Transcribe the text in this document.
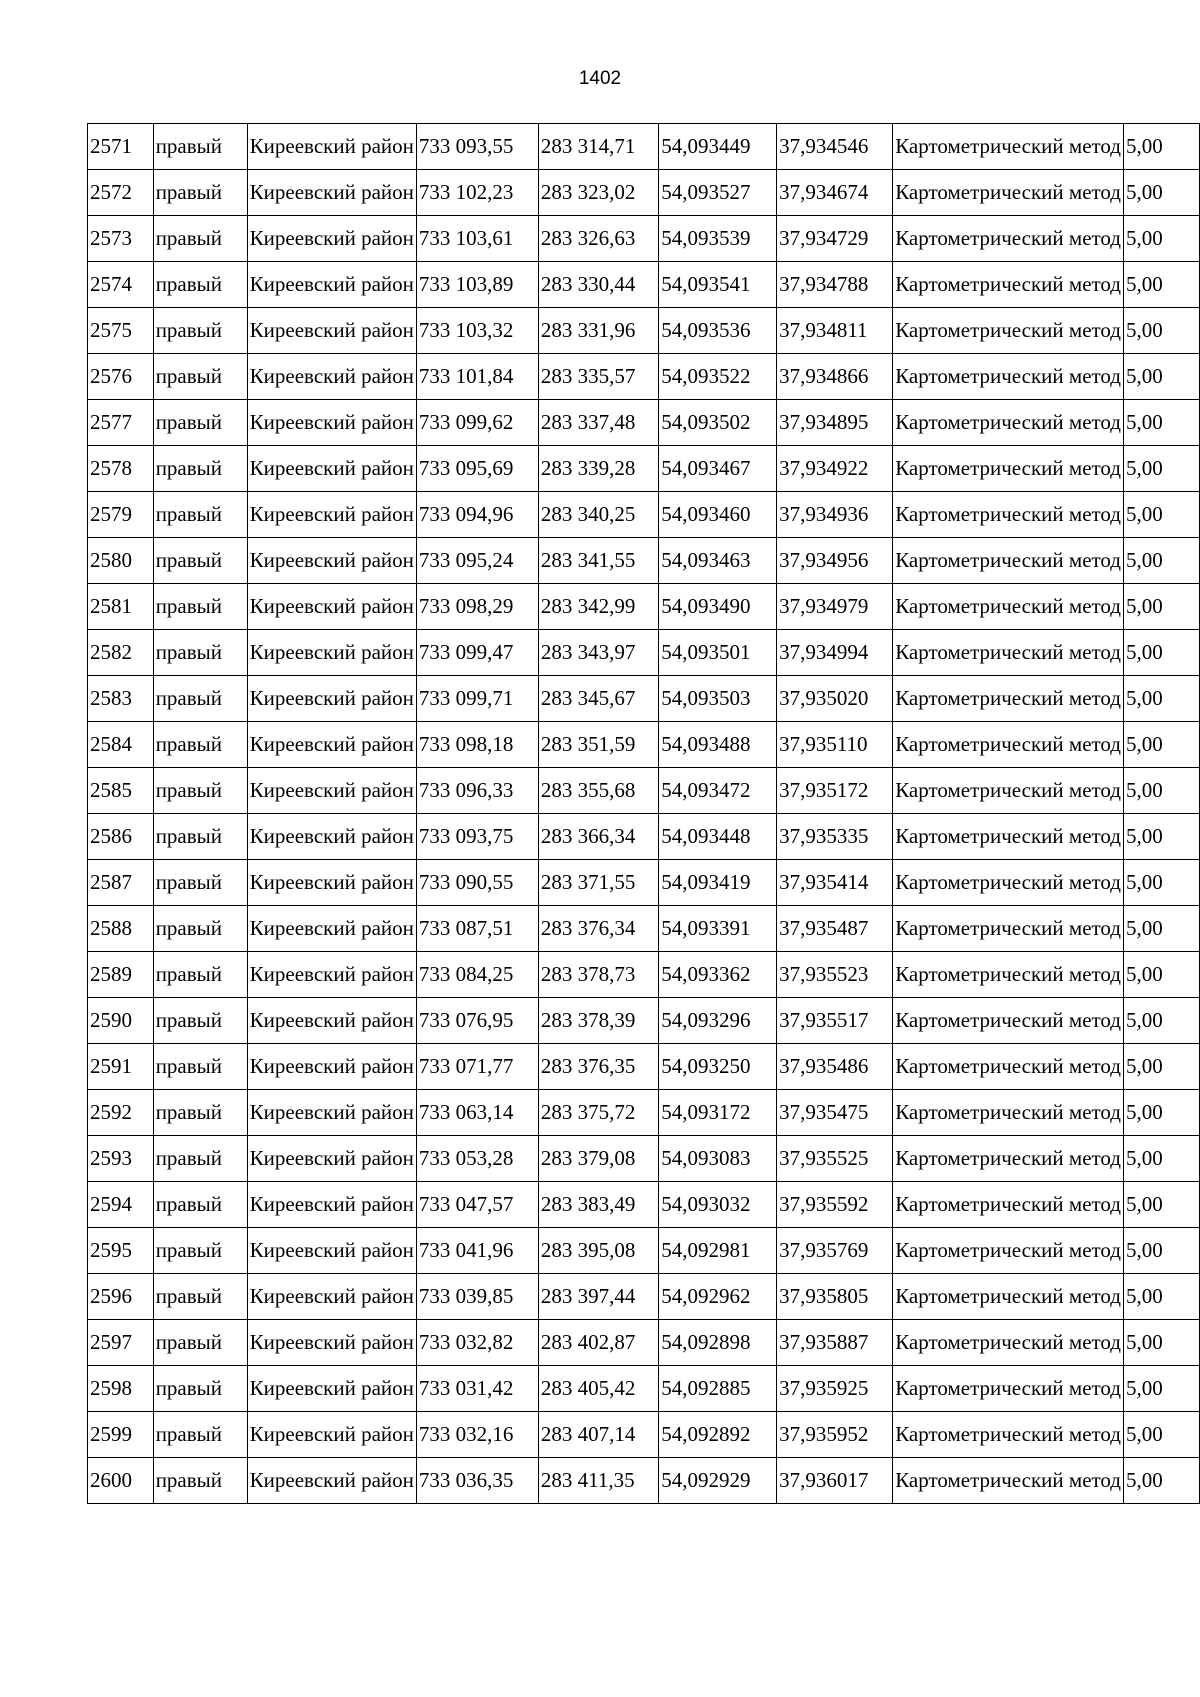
1402
2571	правый	Киреевский район	733 093,55	283 314,71	54,093449	37,934546	Картометрический метод	5,00
2572	правый	Киреевский район	733 102,23	283 323,02	54,093527	37,934674	Картометрический метод	5,00
2573	правый	Киреевский район	733 103,61	283 326,63	54,093539	37,934729	Картометрический метод	5,00
2574	правый	Киреевский район	733 103,89	283 330,44	54,093541	37,934788	Картометрический метод	5,00
2575	правый	Киреевский район	733 103,32	283 331,96	54,093536	37,934811	Картометрический метод	5,00
2576	правый	Киреевский район	733 101,84	283 335,57	54,093522	37,934866	Картометрический метод	5,00
2577	правый	Киреевский район	733 099,62	283 337,48	54,093502	37,934895	Картометрический метод	5,00
2578	правый	Киреевский район	733 095,69	283 339,28	54,093467	37,934922	Картометрический метод	5,00
2579	правый	Киреевский район	733 094,96	283 340,25	54,093460	37,934936	Картометрический метод	5,00
2580	правый	Киреевский район	733 095,24	283 341,55	54,093463	37,934956	Картометрический метод	5,00
2581	правый	Киреевский район	733 098,29	283 342,99	54,093490	37,934979	Картометрический метод	5,00
2582	правый	Киреевский район	733 099,47	283 343,97	54,093501	37,934994	Картометрический метод	5,00
2583	правый	Киреевский район	733 099,71	283 345,67	54,093503	37,935020	Картометрический метод	5,00
2584	правый	Киреевский район	733 098,18	283 351,59	54,093488	37,935110	Картометрический метод	5,00
2585	правый	Киреевский район	733 096,33	283 355,68	54,093472	37,935172	Картометрический метод	5,00
2586	правый	Киреевский район	733 093,75	283 366,34	54,093448	37,935335	Картометрический метод	5,00
2587	правый	Киреевский район	733 090,55	283 371,55	54,093419	37,935414	Картометрический метод	5,00
2588	правый	Киреевский район	733 087,51	283 376,34	54,093391	37,935487	Картометрический метод	5,00
2589	правый	Киреевский район	733 084,25	283 378,73	54,093362	37,935523	Картометрический метод	5,00
2590	правый	Киреевский район	733 076,95	283 378,39	54,093296	37,935517	Картометрический метод	5,00
2591	правый	Киреевский район	733 071,77	283 376,35	54,093250	37,935486	Картометрический метод	5,00
2592	правый	Киреевский район	733 063,14	283 375,72	54,093172	37,935475	Картометрический метод	5,00
2593	правый	Киреевский район	733 053,28	283 379,08	54,093083	37,935525	Картометрический метод	5,00
2594	правый	Киреевский район	733 047,57	283 383,49	54,093032	37,935592	Картометрический метод	5,00
2595	правый	Киреевский район	733 041,96	283 395,08	54,092981	37,935769	Картометрический метод	5,00
2596	правый	Киреевский район	733 039,85	283 397,44	54,092962	37,935805	Картометрический метод	5,00
2597	правый	Киреевский район	733 032,82	283 402,87	54,092898	37,935887	Картометрический метод	5,00
2598	правый	Киреевский район	733 031,42	283 405,42	54,092885	37,935925	Картометрический метод	5,00
2599	правый	Киреевский район	733 032,16	283 407,14	54,092892	37,935952	Картометрический метод	5,00
2600	правый	Киреевский район	733 036,35	283 411,35	54,092929	37,936017	Картометрический метод	5,00
